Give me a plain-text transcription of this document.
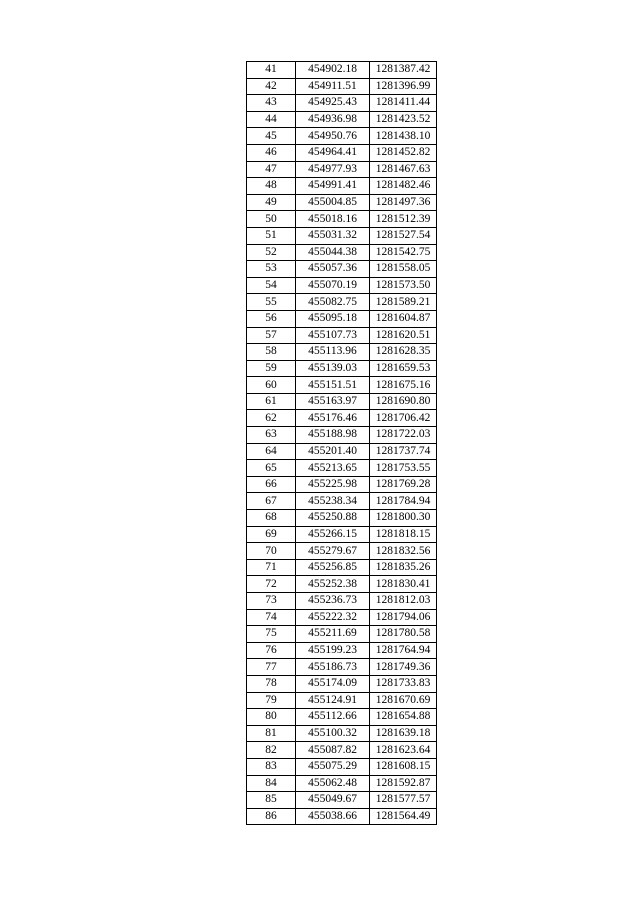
41	454902.18	1281387.42
42	454911.51	1281396.99
43	454925.43	1281411.44
44	454936.98	1281423.52
45	454950.76	1281438.10
46	454964.41	1281452.82
47	454977.93	1281467.63
48	454991.41	1281482.46
49	455004.85	1281497.36
50	455018.16	1281512.39
51	455031.32	1281527.54
52	455044.38	1281542.75
53	455057.36	1281558.05
54	455070.19	1281573.50
55	455082.75	1281589.21
56	455095.18	1281604.87
57	455107.73	1281620.51
58	455113.96	1281628.35
59	455139.03	1281659.53
60	455151.51	1281675.16
61	455163.97	1281690.80
62	455176.46	1281706.42
63	455188.98	1281722.03
64	455201.40	1281737.74
65	455213.65	1281753.55
66	455225.98	1281769.28
67	455238.34	1281784.94
68	455250.88	1281800.30
69	455266.15	1281818.15
70	455279.67	1281832.56
71	455256.85	1281835.26
72	455252.38	1281830.41
73	455236.73	1281812.03
74	455222.32	1281794.06
75	455211.69	1281780.58
76	455199.23	1281764.94
77	455186.73	1281749.36
78	455174.09	1281733.83
79	455124.91	1281670.69
80	455112.66	1281654.88
81	455100.32	1281639.18
82	455087.82	1281623.64
83	455075.29	1281608.15
84	455062.48	1281592.87
85	455049.67	1281577.57
86	455038.66	1281564.49
